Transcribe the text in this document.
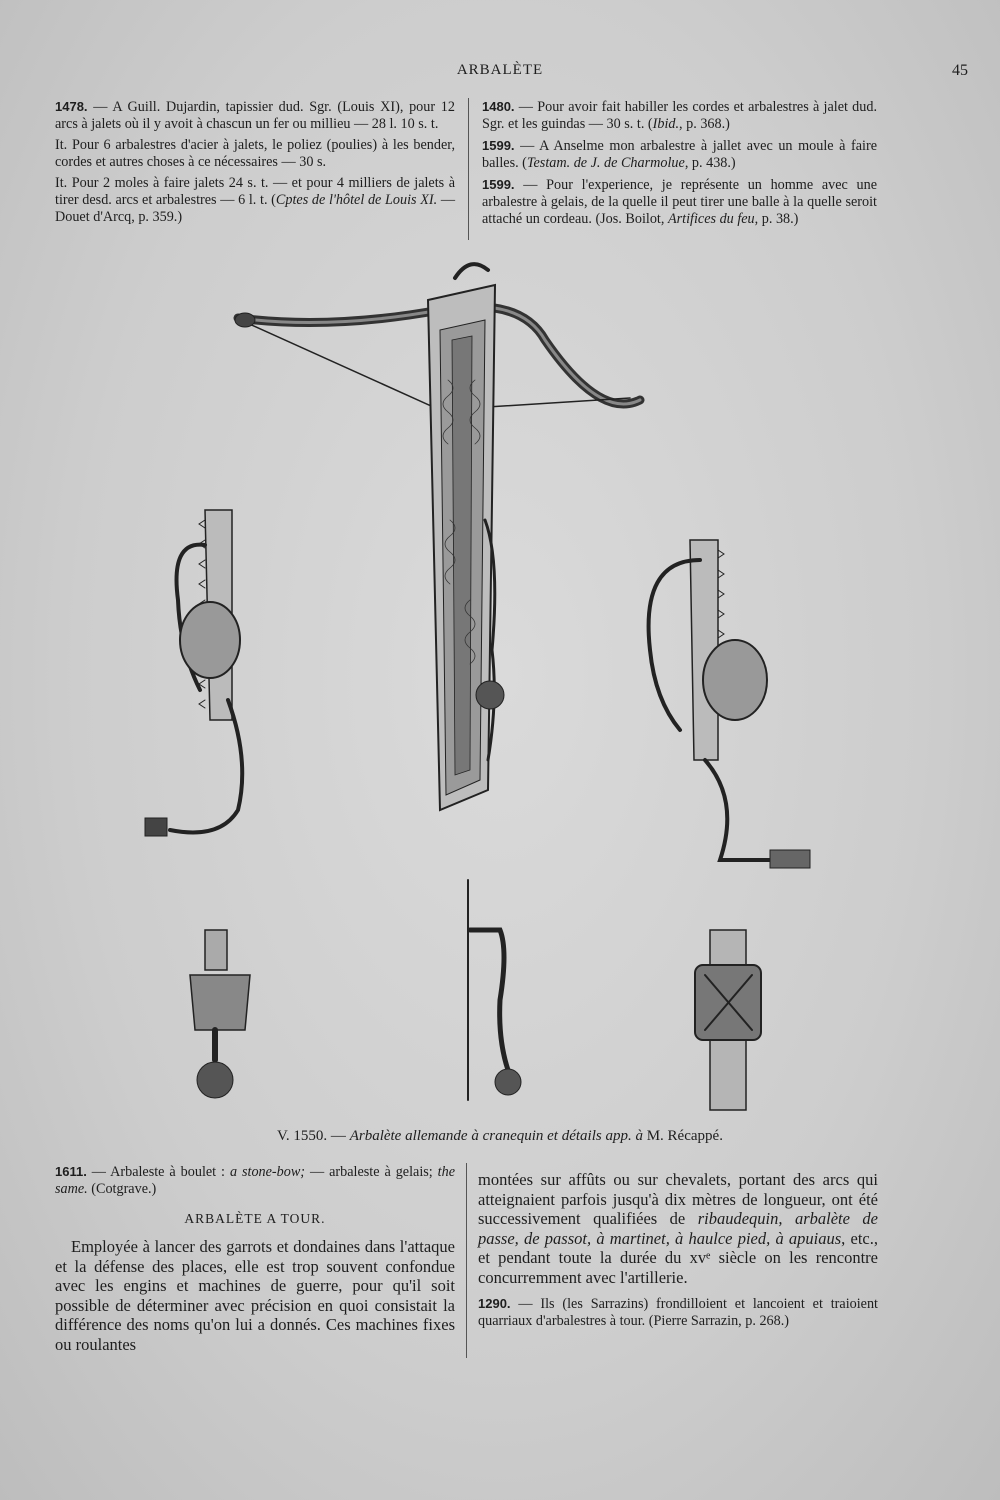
ARBALÈTE	45

1478. — A Guill. Dujardin, tapissier dud. Sgr. (Louis XI), pour 12 arcs à jalets où il y avoit à chascun un fer ou millieu — 28 l. 10 s. t.

It. Pour 6 arbalestres d'acier à jalets, le poliez (poulies) à les bender, cordes et autres choses à ce nécessaires — 30 s.

It. Pour 2 moles à faire jalets 24 s. t. — et pour 4 milliers de jalets à tirer desd. arcs et arbalestres — 6 l. t. (Cptes de l'hôtel de Louis XI. — Douet d'Arcq, p. 359.)

1480. — Pour avoir fait habiller les cordes et arbalestres à jalet dud. Sgr. et les guindas — 30 s. t. (Ibid., p. 368.)

1599. — A Anselme mon arbalestre à jallet avec un moule à faire balles. (Testam. de J. de Charmolue, p. 438.)

1599. — Pour l'experience, je représente un homme avec une arbalestre à gelais, de la quelle il peut tirer une balle à la quelle seroit attaché un cordeau. (Jos. Boilot, Artifices du feu, p. 38.)

V. 1550. — Arbalète allemande à cranequin et détails app. à M. Récappé.

1611. — Arbaleste à boulet : a stone-bow; — arbaleste à gelais; the same. (Cotgrave.)

ARBALÈTE A TOUR.

Employée à lancer des garrots et dondaines dans l'attaque et la défense des places, elle est trop souvent confondue avec les engins et machines de guerre, pour qu'il soit possible de déterminer avec précision en quoi consistait la différence des noms qu'on lui a donnés. Ces machines fixes ou roulantes

montées sur affûts ou sur chevalets, portant des arcs qui atteignaient parfois jusqu'à dix mètres de longueur, ont été successivement qualifiées de ribaudequin, arbalète de passe, de passot, à martinet, à haulce pied, à apuiaus, etc., et pendant toute la durée du xvᵉ siècle on les rencontre concurremment avec l'artillerie.

1290. — Ils (les Sarrazins) frondilloient et lancoient et traioient quarriaux d'arbalestres à tour. (Pierre Sarrazin, p. 268.)
